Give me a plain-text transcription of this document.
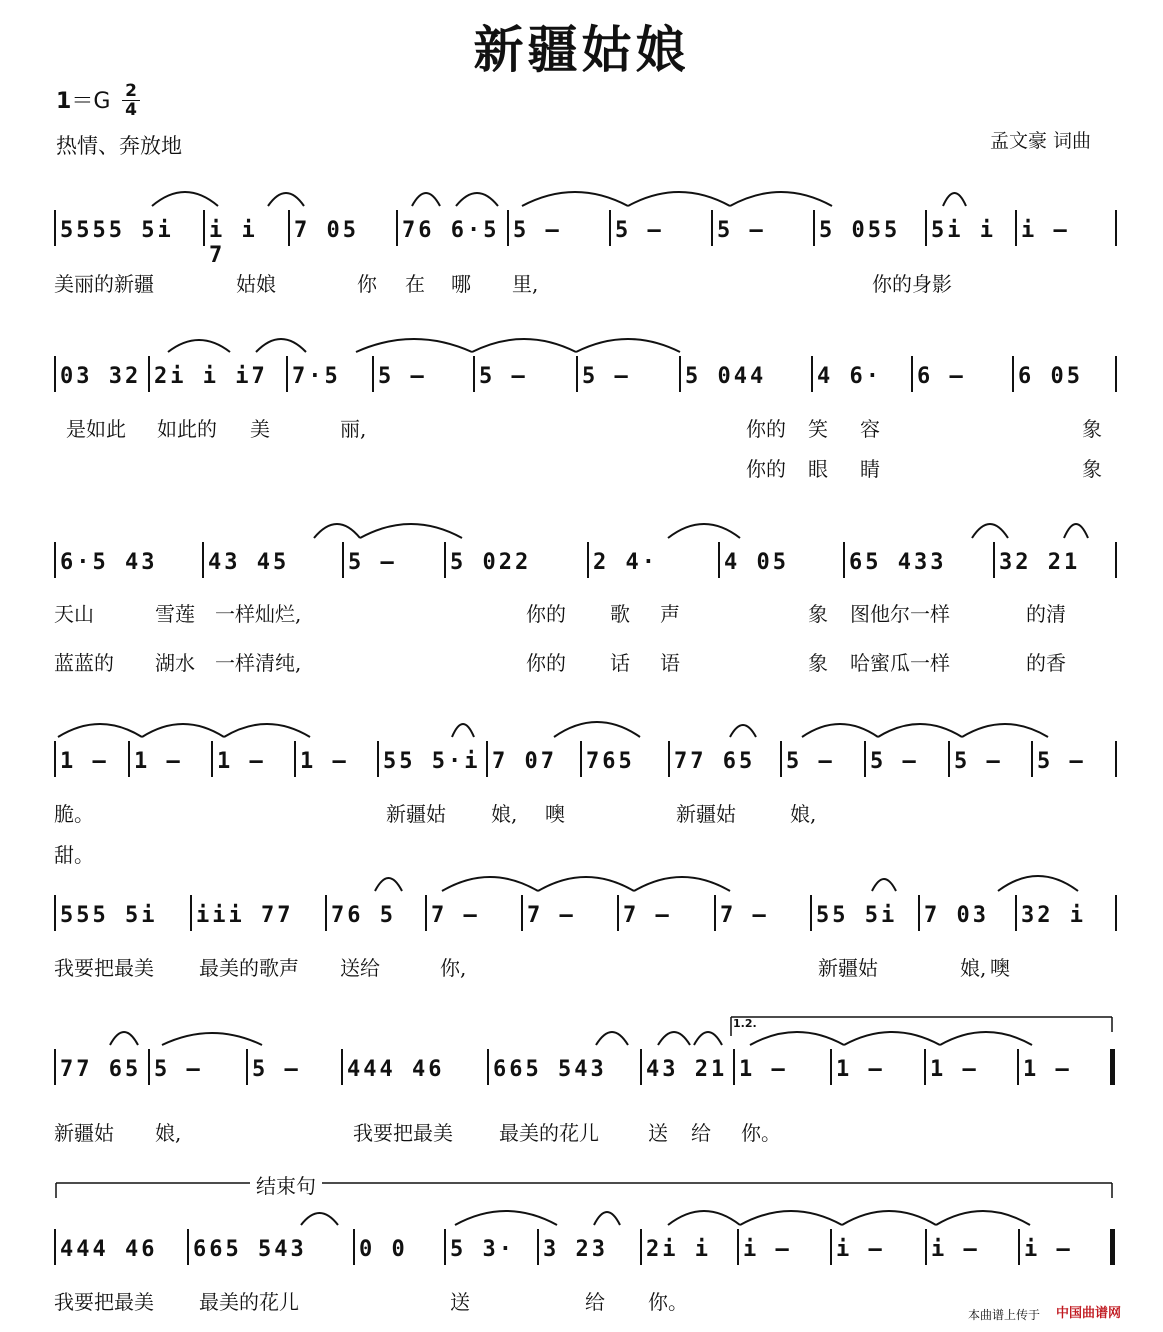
新疆姑娘
1＝G 2
4
热情、奔放地	孟文豪 词曲
1.2.
结束句
本曲谱上传于 中国曲谱网
5555 5i	i i 7
7 05	76 6·5 5 –	5 –	5 –	5 055	5i i	i –
美丽的新疆	姑娘	你 在 哪 里,	你的身影
03 32 2i i i7	7·5	5 –	5 –	5 –	5 044	4 6·	6 –	6 05
是如此 如此的 美	丽,	你的 笑 容	象
你的 眼 睛	象
6·5 43	43 45	5 –	5 022	2 4·	4 05	65 433	32 21
天山	雪莲 一样灿烂,	你的 歌 声	象 图他尔一样	的清
蓝蓝的 湖水 一样清纯,	你的 话 语	象 哈蜜瓜一样	的香
1 –	1 –	1 –	1 –	55 5·i 7 07	765	77 65	5 –	5 –	5 –	5 –
脆。	新疆姑 娘, 噢	新疆姑	娘,
甜。
555 5i	iii 77	76 5	7 –	7 –	7 –	7 –	55 5i	7 03	32 i
我要把最美 最美的歌声 送给	你,	新疆姑	娘, 噢
77 65 5 –	5 –	444 46	665 543	43 21 1 –	1 –	1 –	1 –
新疆姑 娘,	我要把最美 最美的花儿 送 给 你。
444 46	665 543	0 0	5 3·	3 23	2i i	i –	i –	i –	i –
我要把最美 最美的花儿	送	给 你。
